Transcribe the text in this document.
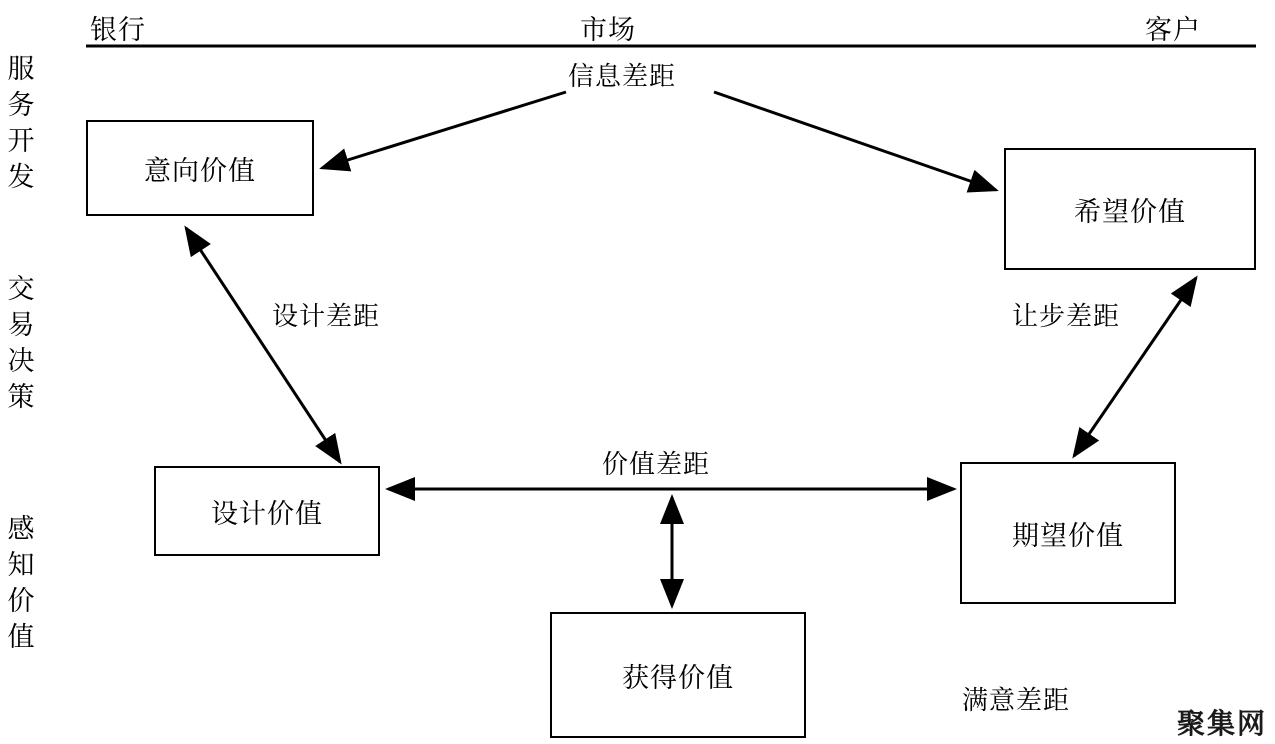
银行	市场	客户
服
务
开
发
交
易
决
策
感
知
价
值
意向价值
希望价值
设计价值
期望价值
获得价值
信息差距
设计差距	让步差距
价值差距
满意差距
聚集网
